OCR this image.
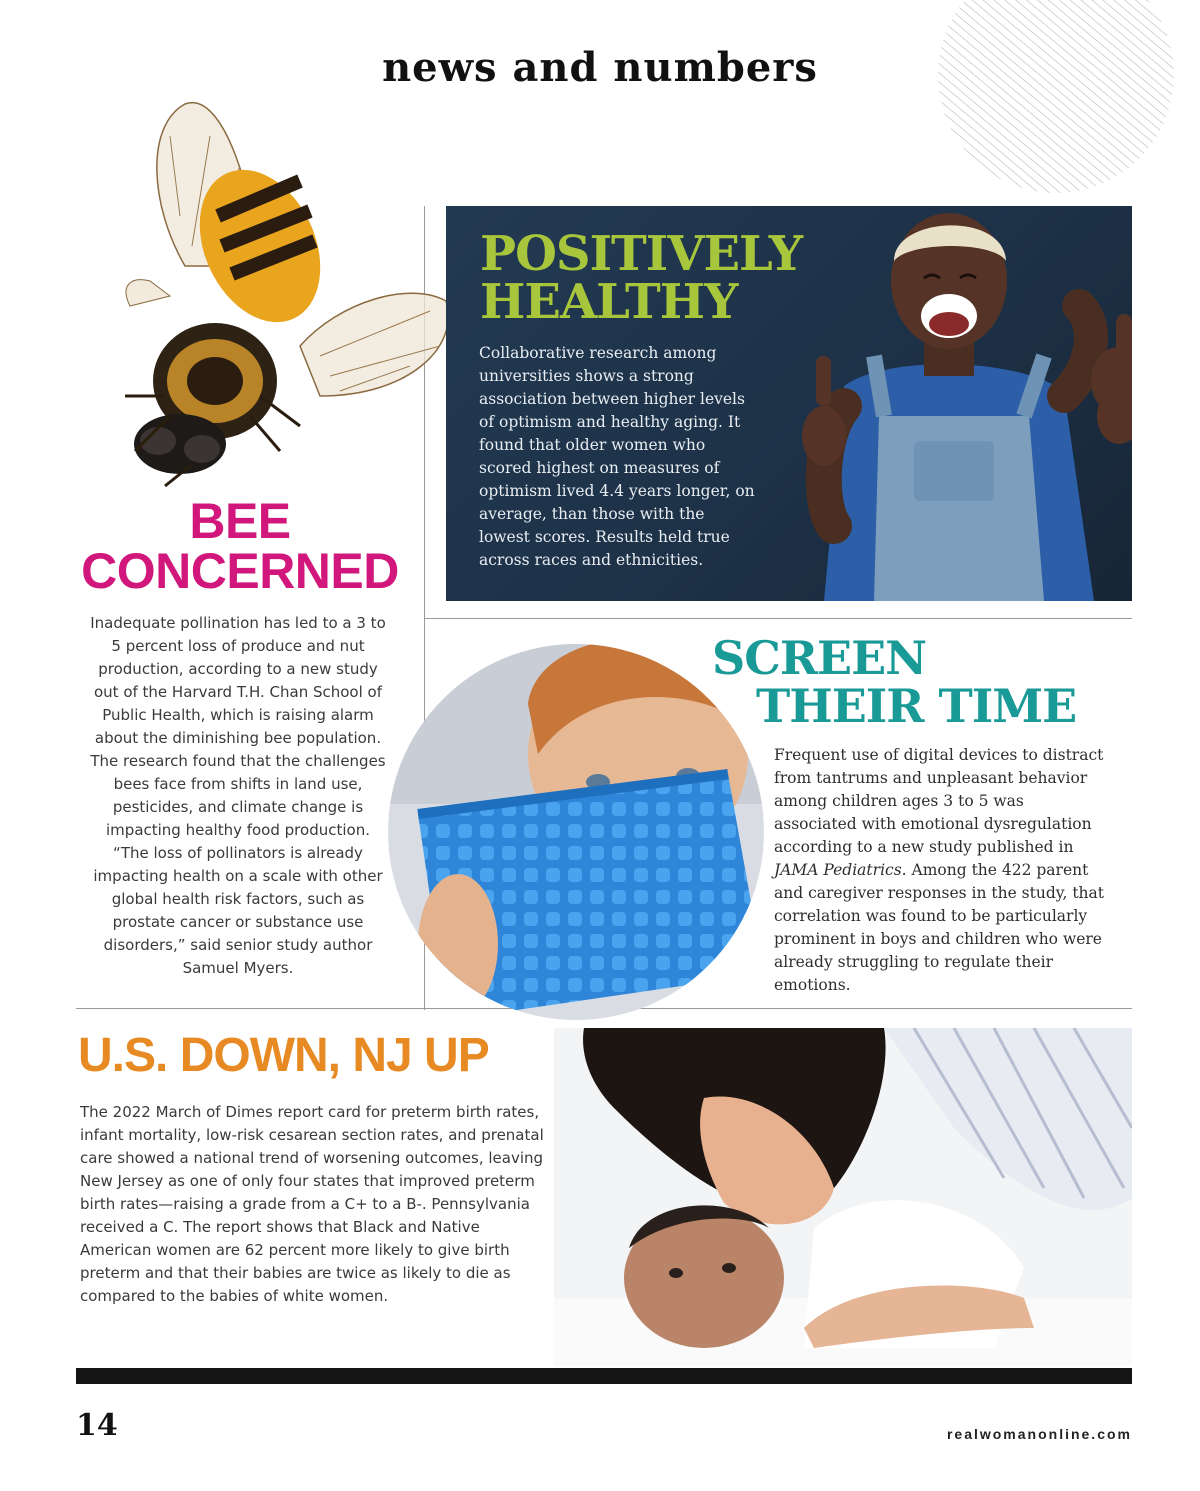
news and numbers
BEE
CONCERNED

Inadequate pollination has led to a 3 to 5 percent loss of produce and nut production, according to a new study out of the Harvard T.H. Chan School of Public Health, which is raising alarm about the diminishing bee population. The research found that the challenges bees face from shifts in land use, pesticides, and climate change is impacting healthy food production. “The loss of pollinators is already impacting health on a scale with other global health risk factors, such as prostate cancer or substance use disorders,” said senior study author Samuel Myers.

POSITIVELY
HEALTHY

Collaborative research among universities shows a strong association between higher levels of optimism and healthy aging. It found that older women who scored highest on measures of optimism lived 4.4 years longer, on average, than those with the lowest scores. Results held true across races and ethnicities.

SCREEN
THEIR TIME

Frequent use of digital devices to distract from tantrums and unpleasant behavior among children ages 3 to 5 was associated with emotional dysregulation according to a new study published in JAMA Pediatrics. Among the 422 parent and caregiver responses in the study, that correlation was found to be particularly prominent in boys and children who were already struggling to regulate their emotions.

U.S. DOWN, NJ UP

The 2022 March of Dimes report card for preterm birth rates, infant mortality, low-risk cesarean section rates, and prenatal care showed a national trend of worsening outcomes, leaving New Jersey as one of only four states that improved preterm birth rates—raising a grade from a C+ to a B-. Pennsylvania received a C. The report shows that Black and Native American women are 62 percent more likely to give birth preterm and that their babies are twice as likely to die as compared to the babies of white women.

14	realwomanonline.com
